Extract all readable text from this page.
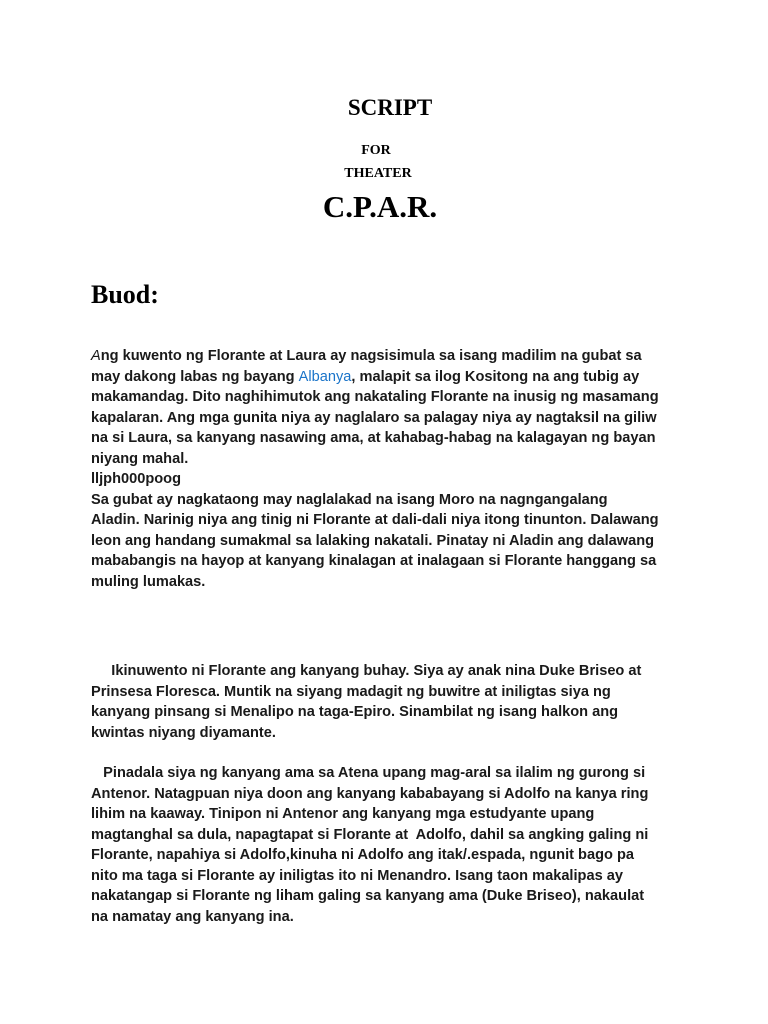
SCRIPT
FOR
THEATER
C.P.A.R.
Buod:

Ang kuwento ng Florante at Laura ay nagsisimula sa isang madilim na gubat sa
may dakong labas ng bayang Albanya, malapit sa ilog Kositong na ang tubig ay
makamandag. Dito naghihimutok ang nakataling Florante na inusig ng masamang
kapalaran. Ang mga gunita niya ay naglalaro sa palagay niya ay nagtaksil na giliw
na si Laura, sa kanyang nasawing ama, at kahabag-habag na kalagayan ng bayan
niyang mahal.

lljph000poog
Sa gubat ay nagkataong may naglalakad na isang Moro na nagngangalang
Aladin. Narinig niya ang tinig ni Florante at dali-dali niya itong tinunton. Dalawang
leon ang handang sumakmal sa lalaking nakatali. Pinatay ni Aladin ang dalawang
mababangis na hayop at kanyang kinalagan at inalagaan si Florante hanggang sa
muling lumakas.

Ikinuwento ni Florante ang kanyang buhay. Siya ay anak nina Duke Briseo at
Prinsesa Floresca. Muntik na siyang madagit ng buwitre at iniligtas siya ng
kanyang pinsang si Menalipo na taga-Epiro. Sinambilat ng isang halkon ang
kwintas niyang diyamante.

Pinadala siya ng kanyang ama sa Atena upang mag-aral sa ilalim ng gurong si
Antenor. Natagpuan niya doon ang kanyang kababayang si Adolfo na kanya ring
lihim na kaaway. Tinipon ni Antenor ang kanyang mga estudyante upang
magtanghal sa dula, napagtapat si Florante at  Adolfo, dahil sa angking galing ni
Florante, napahiya si Adolfo,kinuha ni Adolfo ang itak/.espada, ngunit bago pa
nito ma taga si Florante ay iniligtas ito ni Menandro. Isang taon makalipas ay
nakatangap si Florante ng liham galing sa kanyang ama (Duke Briseo), nakaulat
na namatay ang kanyang ina.
